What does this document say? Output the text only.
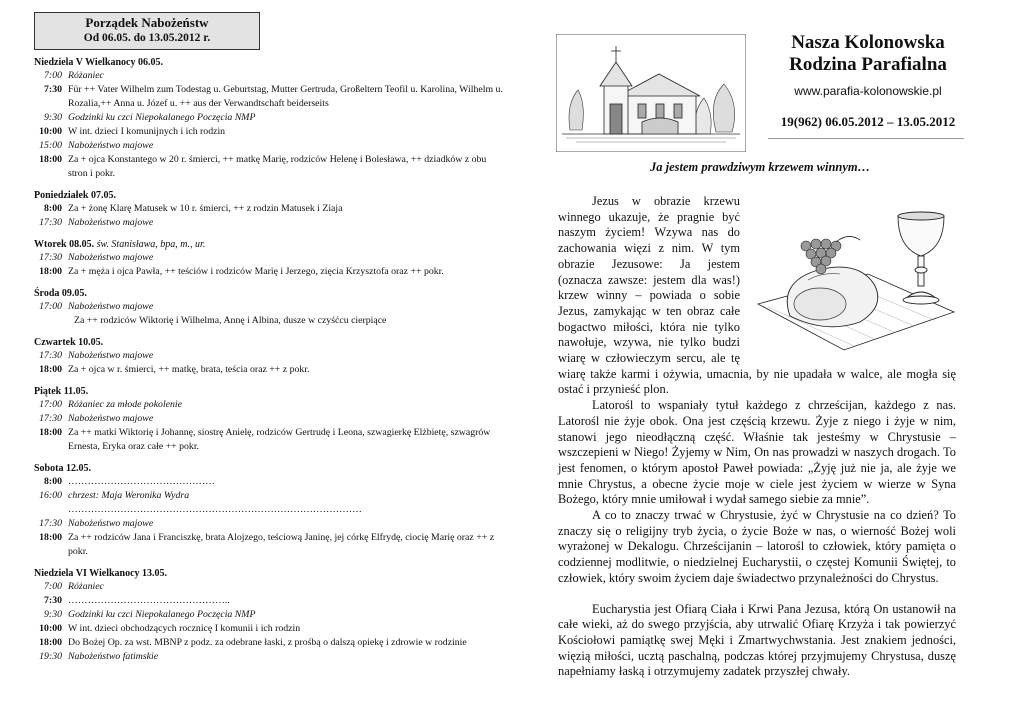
Porządek Nabożeństw
Od 06.05. do 13.05.2012 r.
Niedziela V Wielkanocy 06.05.
7:00 Różaniec
7:30 Für ++ Vater Wilhelm zum Todestag u. Geburtstag, Mutter Gertruda, Großeltern Teofil u. Karolina, Wilhelm u. Rozalia,++ Anna u. Józef u. ++ aus der Verwandtschaft beiderseits
9:30 Godzinki ku czci Niepokalanego Poczęcia NMP
10:00 W int. dzieci I komunijnych i ich rodzin
15:00 Nabożeństwo majowe
18:00 Za + ojca Konstantego w 20 r. śmierci, ++ matkę Marię, rodziców Helenę i Bolesława, ++ dziadków z obu stron i pokr.
Poniedziałek 07.05.
8:00 Za + żonę Klarę Matusek w 10 r. śmierci, ++ z rodzin Matusek i Ziaja
17:30 Nabożeństwo majowe
Wtorek 08.05. św. Stanisława, bpa, m., ur.
17:30 Nabożeństwo majowe
18:00 Za + męża i ojca Pawła, ++ teściów i rodziców Marię i Jerzego, zięcia Krzysztofa oraz ++ pokr.
Środa 09.05.
17:00 Nabożeństwo majowe
Za ++ rodziców Wiktorię i Wilhelma, Annę i Albina, dusze w czyśćcu cierpiące
Czwartek 10.05.
17:30 Nabożeństwo majowe
18:00 Za + ojca w r. śmierci, ++ matkę, brata, teścia oraz ++ z pokr.
Piątek 11.05.
17:00 Różaniec za młode pokolenie
17:30 Nabożeństwo majowe
18:00 Za ++ matki Wiktorię i Johannę, siostrę Anielę, rodziców Gertrudę i Leona, szwagierkę Elżbietę, szwagrów Ernesta, Eryka oraz całe ++ pokr.
Sobota 12.05.
8:00 ………………………………………
16:00 chrzest: Maja Weronika Wydra
………………………………………………………………………………
17:30 Nabożeństwo majowe
18:00 Za ++ rodziców Jana i Franciszkę, brata Alojzego, teściową Janinę, jej córkę Elfrydę, ciocię Marię oraz ++ z pokr.
Niedziela VI Wielkanocy 13.05.
7:00 Różaniec
7:30 …………………………………………..
9:30 Godzinki ku czci Niepokalanego Poczęcia NMP
10:00 W int. dzieci obchodzących rocznicę I komunii i ich rodzin
18:00 Do Bożej Op. za wst. MBNP z podz. za odebrane łaski, z prośbą o dalszą opiekę i zdrowie w rodzinie
19:30 Nabożeństwo fatimskie
Nasza Kolonowska
Rodzina Parafialna
www.parafia-kolonowskie.pl
19(962) 06.05.2012 – 13.05.2012
Ja jestem prawdziwym krzewem winnym…

Jezus w obrazie krzewu winnego ukazuje, że pragnie być naszym życiem! Wzywa nas do zachowania więzi z nim. W tym obrazie Jezusowe: Ja jestem (oznacza zawsze: jestem dla was!) krzew winny – powiada o sobie Jezus, zamykając w ten obraz całe bogactwo miłości, która nie tylko nawołuje, wzywa, nie tylko budzi wiarę w człowieczym sercu, ale tę wiarę także karmi i ożywia, umacnia, by nie upadała w walce, ale mogła się ostać i przynieść plon.

Latorośl to wspaniały tytuł każdego z chrześcijan, każdego z nas. Latorośl nie żyje obok. Ona jest częścią krzewu. Żyje z niego i żyje w nim, stanowi jego nieodłączną część. Właśnie tak jesteśmy w Chrystusie – wszczepieni w Niego! Żyjemy w Nim, On nas prowadzi w naszych drogach. To jest fenomen, o którym apostoł Paweł powiada: „Żyję już nie ja, ale żyje we mnie Chrystus, a obecne życie moje w ciele jest życiem w wierze w Syna Bożego, który mnie umiłował i wydał samego siebie za mnie”.

A co to znaczy trwać w Chrystusie, żyć w Chrystusie na co dzień? To znaczy się o religijny tryb życia, o życie Boże w nas, o wierność Bożej woli wyrażonej w Dekalogu. Chrześcijanin – latorośl to człowiek, który pamięta o codziennej modlitwie, o niedzielnej Eucharystii, o częstej Komunii Świętej, to człowiek, który swoim życiem daje świadectwo przynależności do Chrystus.

Eucharystia jest Ofiarą Ciała i Krwi Pana Jezusa, którą On ustanowił na całe wieki, aż do swego przyjścia, aby utrwalić Ofiarę Krzyża i tak powierzyć Kościołowi pamiątkę swej Męki i Zmartwychwstania. Jest znakiem jedności, więzią miłości, ucztą paschalną, podczas której przyjmujemy Chrystusa, duszę napełniamy łaską i otrzymujemy zadatek przyszłej chwały.
